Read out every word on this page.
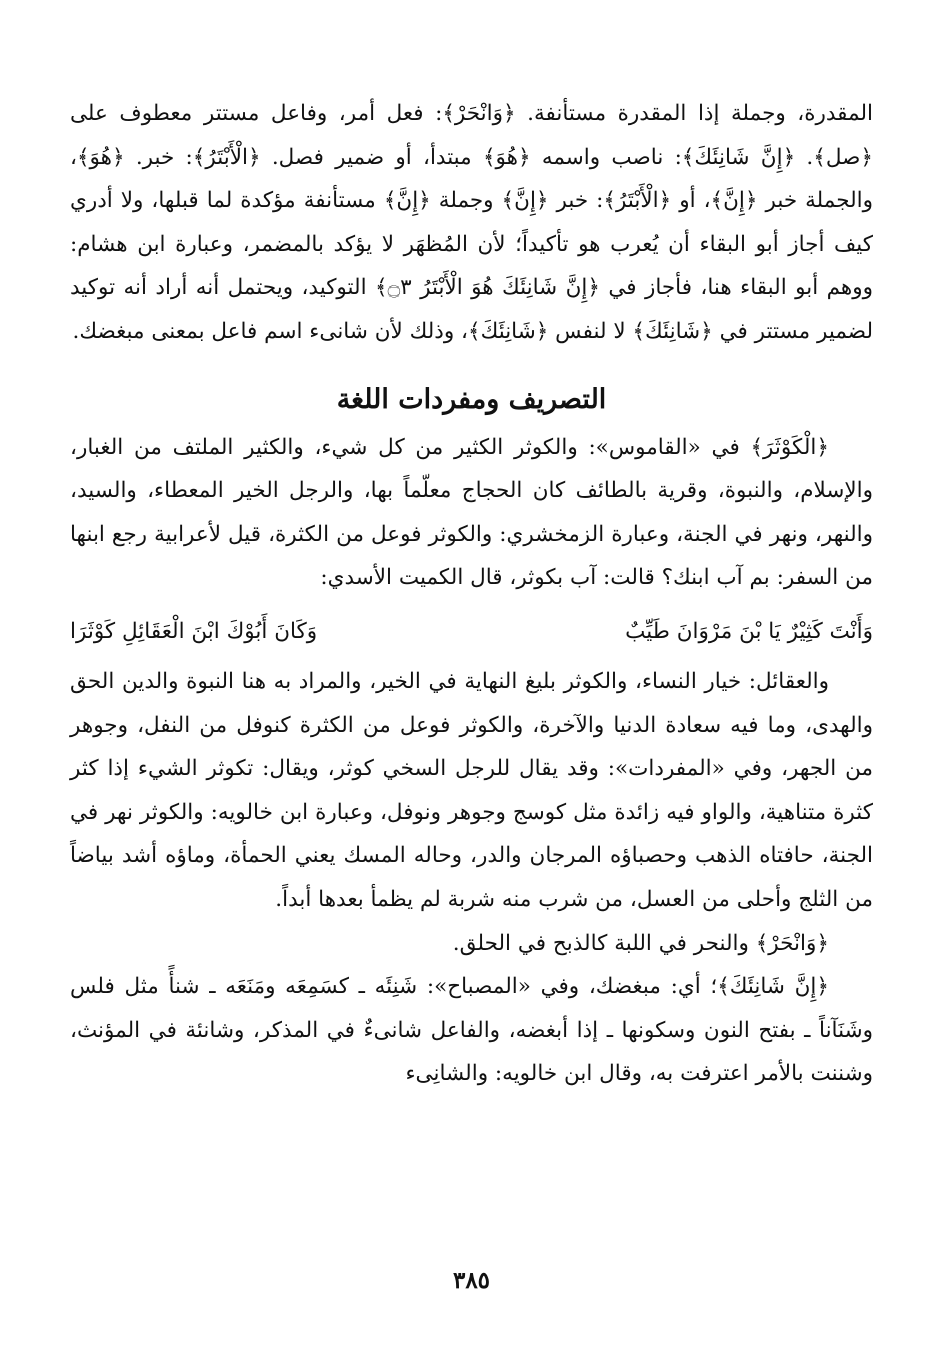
المقدرة، وجملة إذا المقدرة مستأنفة. ﴿وَانْحَرْ﴾: فعل أمر، وفاعل مستتر معطوف على ﴿صل﴾. ﴿إِنَّ شَانِئَكَ﴾: ناصب واسمه ﴿هُوَ﴾ مبتدأ، أو ضمير فصل. ﴿الْأَبْتَرُ﴾: خبر. ﴿هُوَ﴾، والجملة خبر ﴿إِنَّ﴾، أو ﴿الْأَبْتَرُ﴾: خبر ﴿إِنَّ﴾ وجملة ﴿إِنَّ﴾ مستأنفة مؤكدة لما قبلها، ولا أدري كيف أجاز أبو البقاء أن يُعرب هو تأكيداً؛ لأن المُظهَر لا يؤكد بالمضمر، وعبارة ابن هشام: ووهم أبو البقاء هنا، فأجاز في ﴿إِنَّ شَانِئَكَ هُوَ الْأَبْتَرُ ۝٣﴾ التوكيد، ويحتمل أنه أراد أنه توكيد لضمير مستتر في ﴿شَانِئَكَ﴾ لا لنفس ﴿شَانِئَكَ﴾، وذلك لأن شانىء اسم فاعل بمعنى مبغضك.

التصريف ومفردات اللغة

﴿الْكَوْثَرَ﴾ في «القاموس»: والكوثر الكثير من كل شيء، والكثير الملتف من الغبار، والإسلام، والنبوة، وقرية بالطائف كان الحجاج معلّماً بها، والرجل الخير المعطاء، والسيد، والنهر، ونهر في الجنة، وعبارة الزمخشري: والكوثر فوعل من الكثرة، قيل لأعرابية رجع ابنها من السفر: بم آب ابنك؟ قالت: آب بكوثر، قال الكميت الأسدي:

وَأَنْتَ كَثِيْرٌ يَا بْنَ مَرْوَانَ طَيِّبٌ
وَكَانَ أَبُوْكَ ابْنَ الْعَقَائِلِ كَوْثَرَا

والعقائل: خيار النساء، والكوثر بليغ النهاية في الخير، والمراد به هنا النبوة والدين الحق والهدى، وما فيه سعادة الدنيا والآخرة، والكوثر فوعل من الكثرة كنوفل من النفل، وجوهر من الجهر، وفي «المفردات»: وقد يقال للرجل السخي كوثر، ويقال: تكوثر الشيء إذا كثر كثرة متناهية، والواو فيه زائدة مثل كوسج وجوهر ونوفل، وعبارة ابن خالويه: والكوثر نهر في الجنة، حافتاه الذهب وحصباؤه المرجان والدر، وحاله المسك يعني الحمأة، وماؤه أشد بياضاً من الثلج وأحلى من العسل، من شرب منه شربة لم يظمأ بعدها أبداً.

﴿وَانْحَرْ﴾ والنحر في اللبة كالذبح في الحلق.

﴿إِنَّ شَانِئَكَ﴾؛ أي: مبغضك، وفي «المصباح»: شَنِئَه ـ كسَمِعَه ومَنَعَه ـ شنأً مثل فلس وشَنَآناً ـ بفتح النون وسكونها ـ إذا أبغضه، والفاعل شانىءٌ في المذكر، وشانئة في المؤنث، وشننت بالأمر اعترفت به، وقال ابن خالويه: والشانِىء

٣٨٥
